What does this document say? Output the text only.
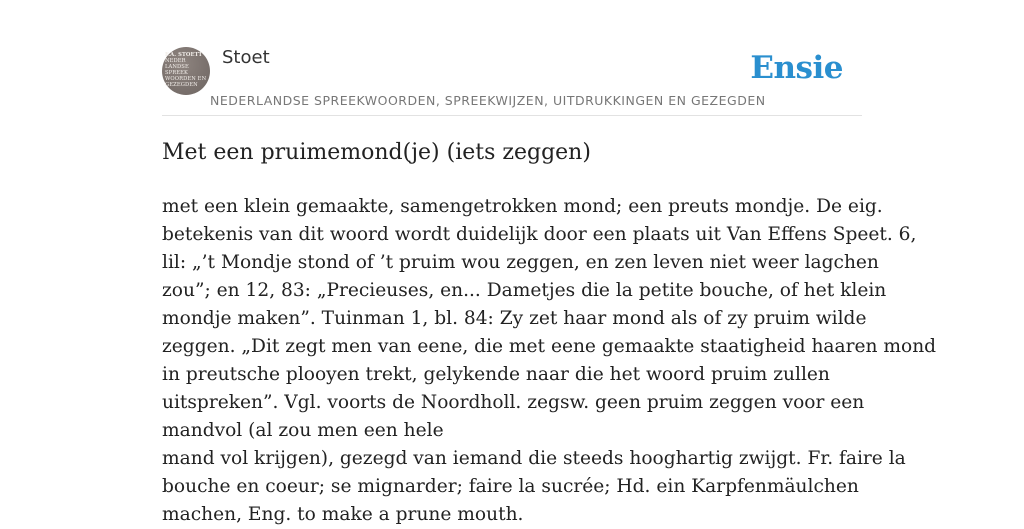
F.A. STOETT
NEDER
LANDSE
SPREEK
WOORDEN EN
GEZEGDEN
Stoet
NEDERLANDSE SPREEKWOORDEN, SPREEKWIJZEN, UITDRUKKINGEN EN GEZEGDEN
Ensie
Met een pruimemond(je) (iets zeggen)
met een klein gemaakte, samengetrokken mond; een preuts mondje. De eig.
betekenis van dit woord wordt duidelijk door een plaats uit Van Effens Speet. 6,
lil: „’t Mondje stond of ’t pruim wou zeggen, en zen leven niet weer lagchen
zou”; en 12, 83: „Precieuses, en... Dametjes die la petite bouche, of het klein
mondje maken”. Tuinman 1, bl. 84: Zy zet haar mond als of zy pruim wilde
zeggen. „Dit zegt men van eene, die met eene gemaakte staatigheid haaren mond
in preutsche plooyen trekt, gelykende naar die het woord pruim zullen
uitspreken”. Vgl. voorts de Noordholl. zegsw. geen pruim zeggen voor een
mandvol (al zou men een hele
mand vol krijgen), gezegd van iemand die steeds hooghartig zwijgt. Fr. faire la
bouche en coeur; se mignarder; faire la sucrée; Hd. ein Karpfenmäulchen
machen, Eng. to make a prune mouth.
